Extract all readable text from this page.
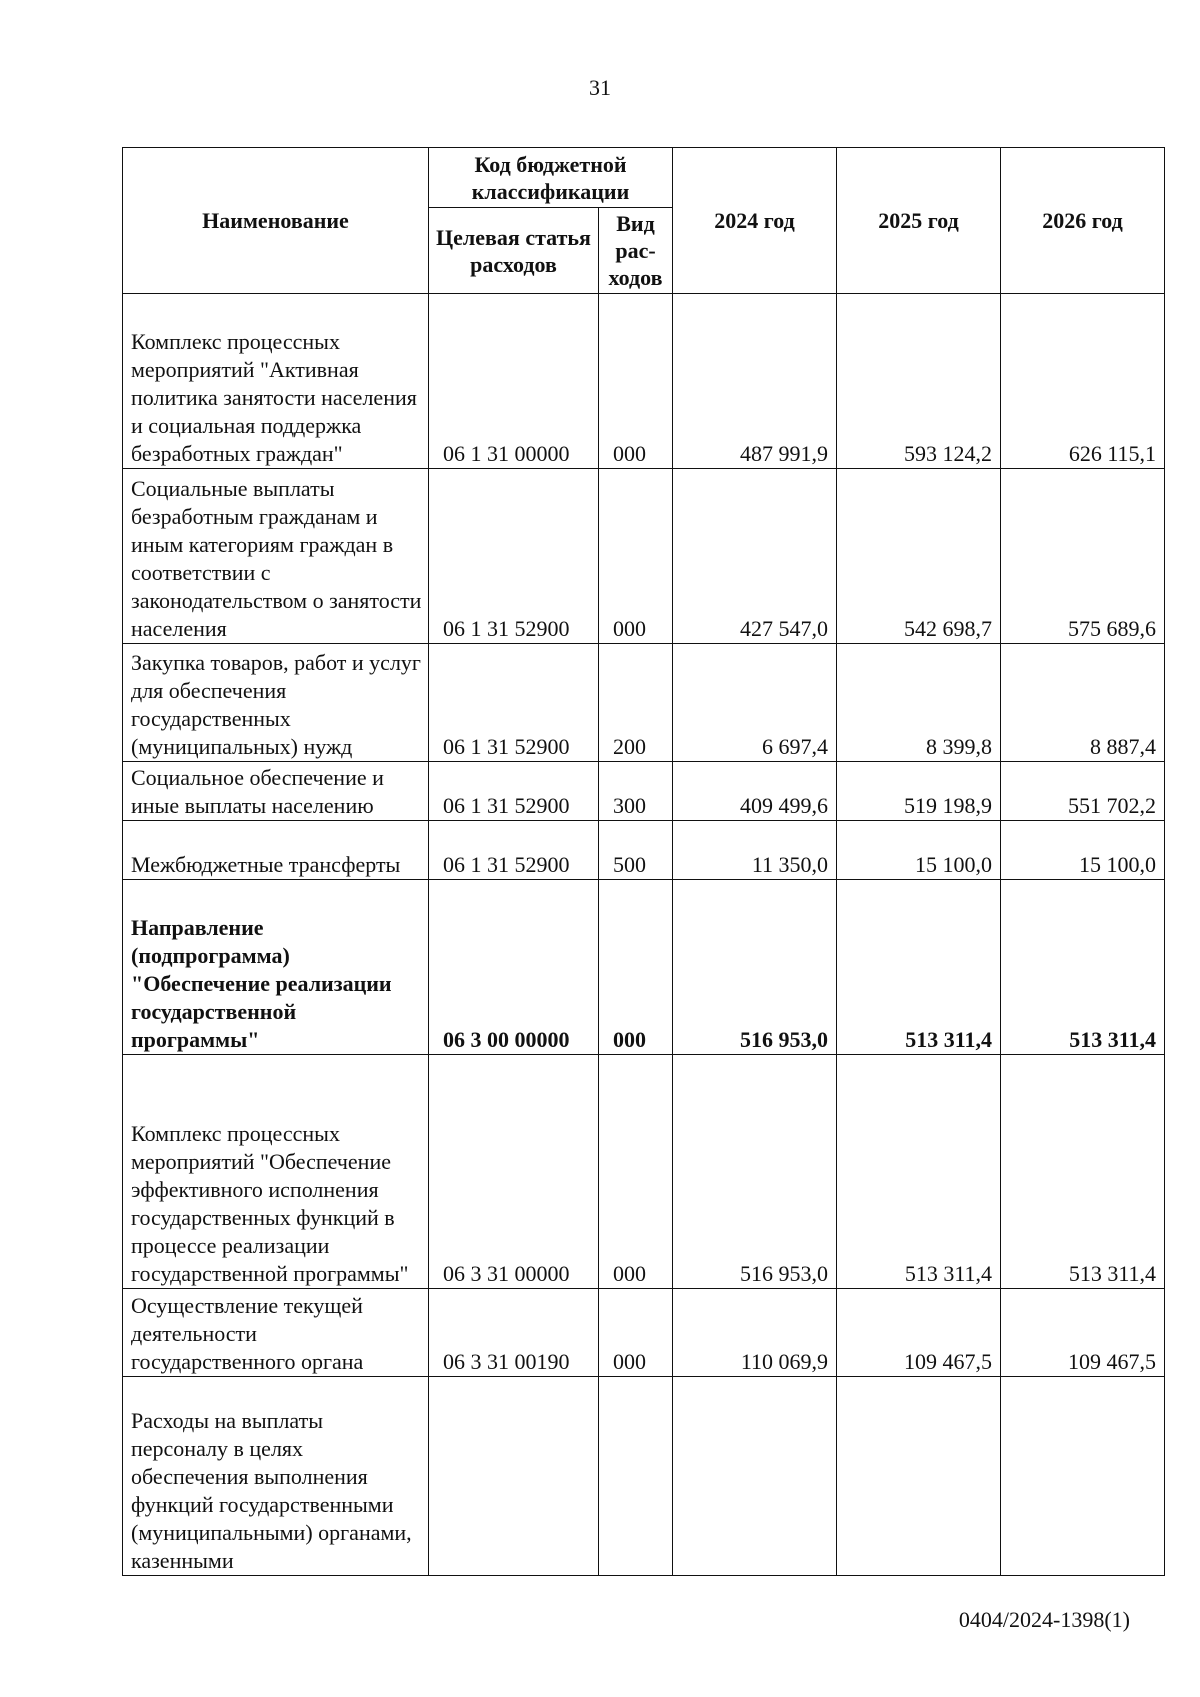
31
Наименование	Код бюджетной классификации		2024 год	2025 год	2026 год
	Целевая статья расходов	Вид рас-ходов			
Комплекс процессных мероприятий "Активная политика занятости населения и социальная поддержка безработных граждан"	06 1 31 00000	000	487 991,9	593 124,2	626 115,1
Социальные выплаты безработным гражданам и иным категориям граждан в соответствии с законодательством о занятости населения	06 1 31 52900	000	427 547,0	542 698,7	575 689,6
Закупка товаров, работ и услуг для обеспечения государственных (муниципальных) нужд	06 1 31 52900	200	6 697,4	8 399,8	8 887,4
Социальное обеспечение и иные выплаты населению	06 1 31 52900	300	409 499,6	519 198,9	551 702,2
Межбюджетные трансферты	06 1 31 52900	500	11 350,0	15 100,0	15 100,0
Направление (подпрограмма) "Обеспечение реализации государственной программы"	06 3 00 00000	000	516 953,0	513 311,4	513 311,4
Комплекс процессных мероприятий "Обеспечение эффективного исполнения государственных функций в процессе реализации государственной программы"	06 3 31 00000	000	516 953,0	513 311,4	513 311,4
Осуществление текущей деятельности государственного органа	06 3 31 00190	000	110 069,9	109 467,5	109 467,5
Расходы на выплаты персоналу в целях обеспечения выполнения функций государственными (муниципальными) органами, казенными					
0404/2024-1398(1)
